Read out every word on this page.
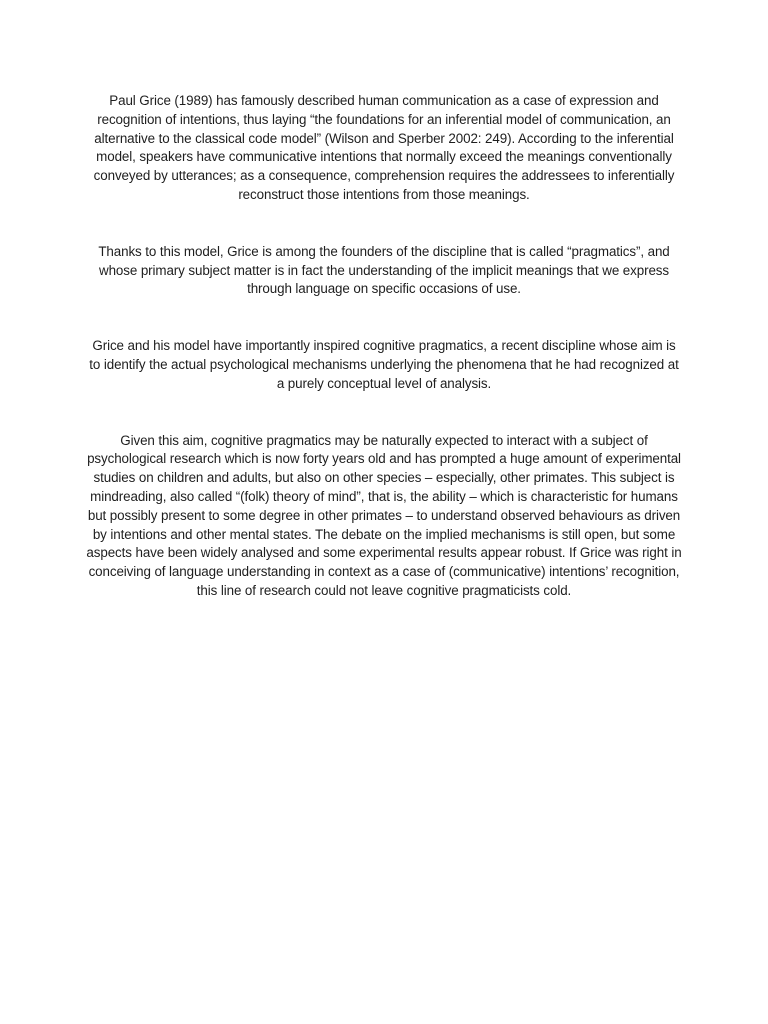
Paul Grice (1989) has famously described human communication as a case of expression and recognition of intentions, thus laying “the foundations for an inferential model of communication, an alternative to the classical code model” (Wilson and Sperber 2002: 249). According to the inferential model, speakers have communicative intentions that normally exceed the meanings conventionally conveyed by utterances; as a consequence, comprehension requires the addressees to inferentially reconstruct those intentions from those meanings.

Thanks to this model, Grice is among the founders of the discipline that is called “pragmatics”, and whose primary subject matter is in fact the understanding of the implicit meanings that we express through language on specific occasions of use.

Grice and his model have importantly inspired cognitive pragmatics, a recent discipline whose aim is to identify the actual psychological mechanisms underlying the phenomena that he had recognized at a purely conceptual level of analysis.

Given this aim, cognitive pragmatics may be naturally expected to interact with a subject of psychological research which is now forty years old and has prompted a huge amount of experimental studies on children and adults, but also on other species – especially, other primates. This subject is mindreading, also called “(folk) theory of mind”, that is, the ability – which is characteristic for humans but possibly present to some degree in other primates – to understand observed behaviours as driven by intentions and other mental states. The debate on the implied mechanisms is still open, but some aspects have been widely analysed and some experimental results appear robust. If Grice was right in conceiving of language understanding in context as a case of (communicative) intentions’ recognition, this line of research could not leave cognitive pragmaticists cold.
